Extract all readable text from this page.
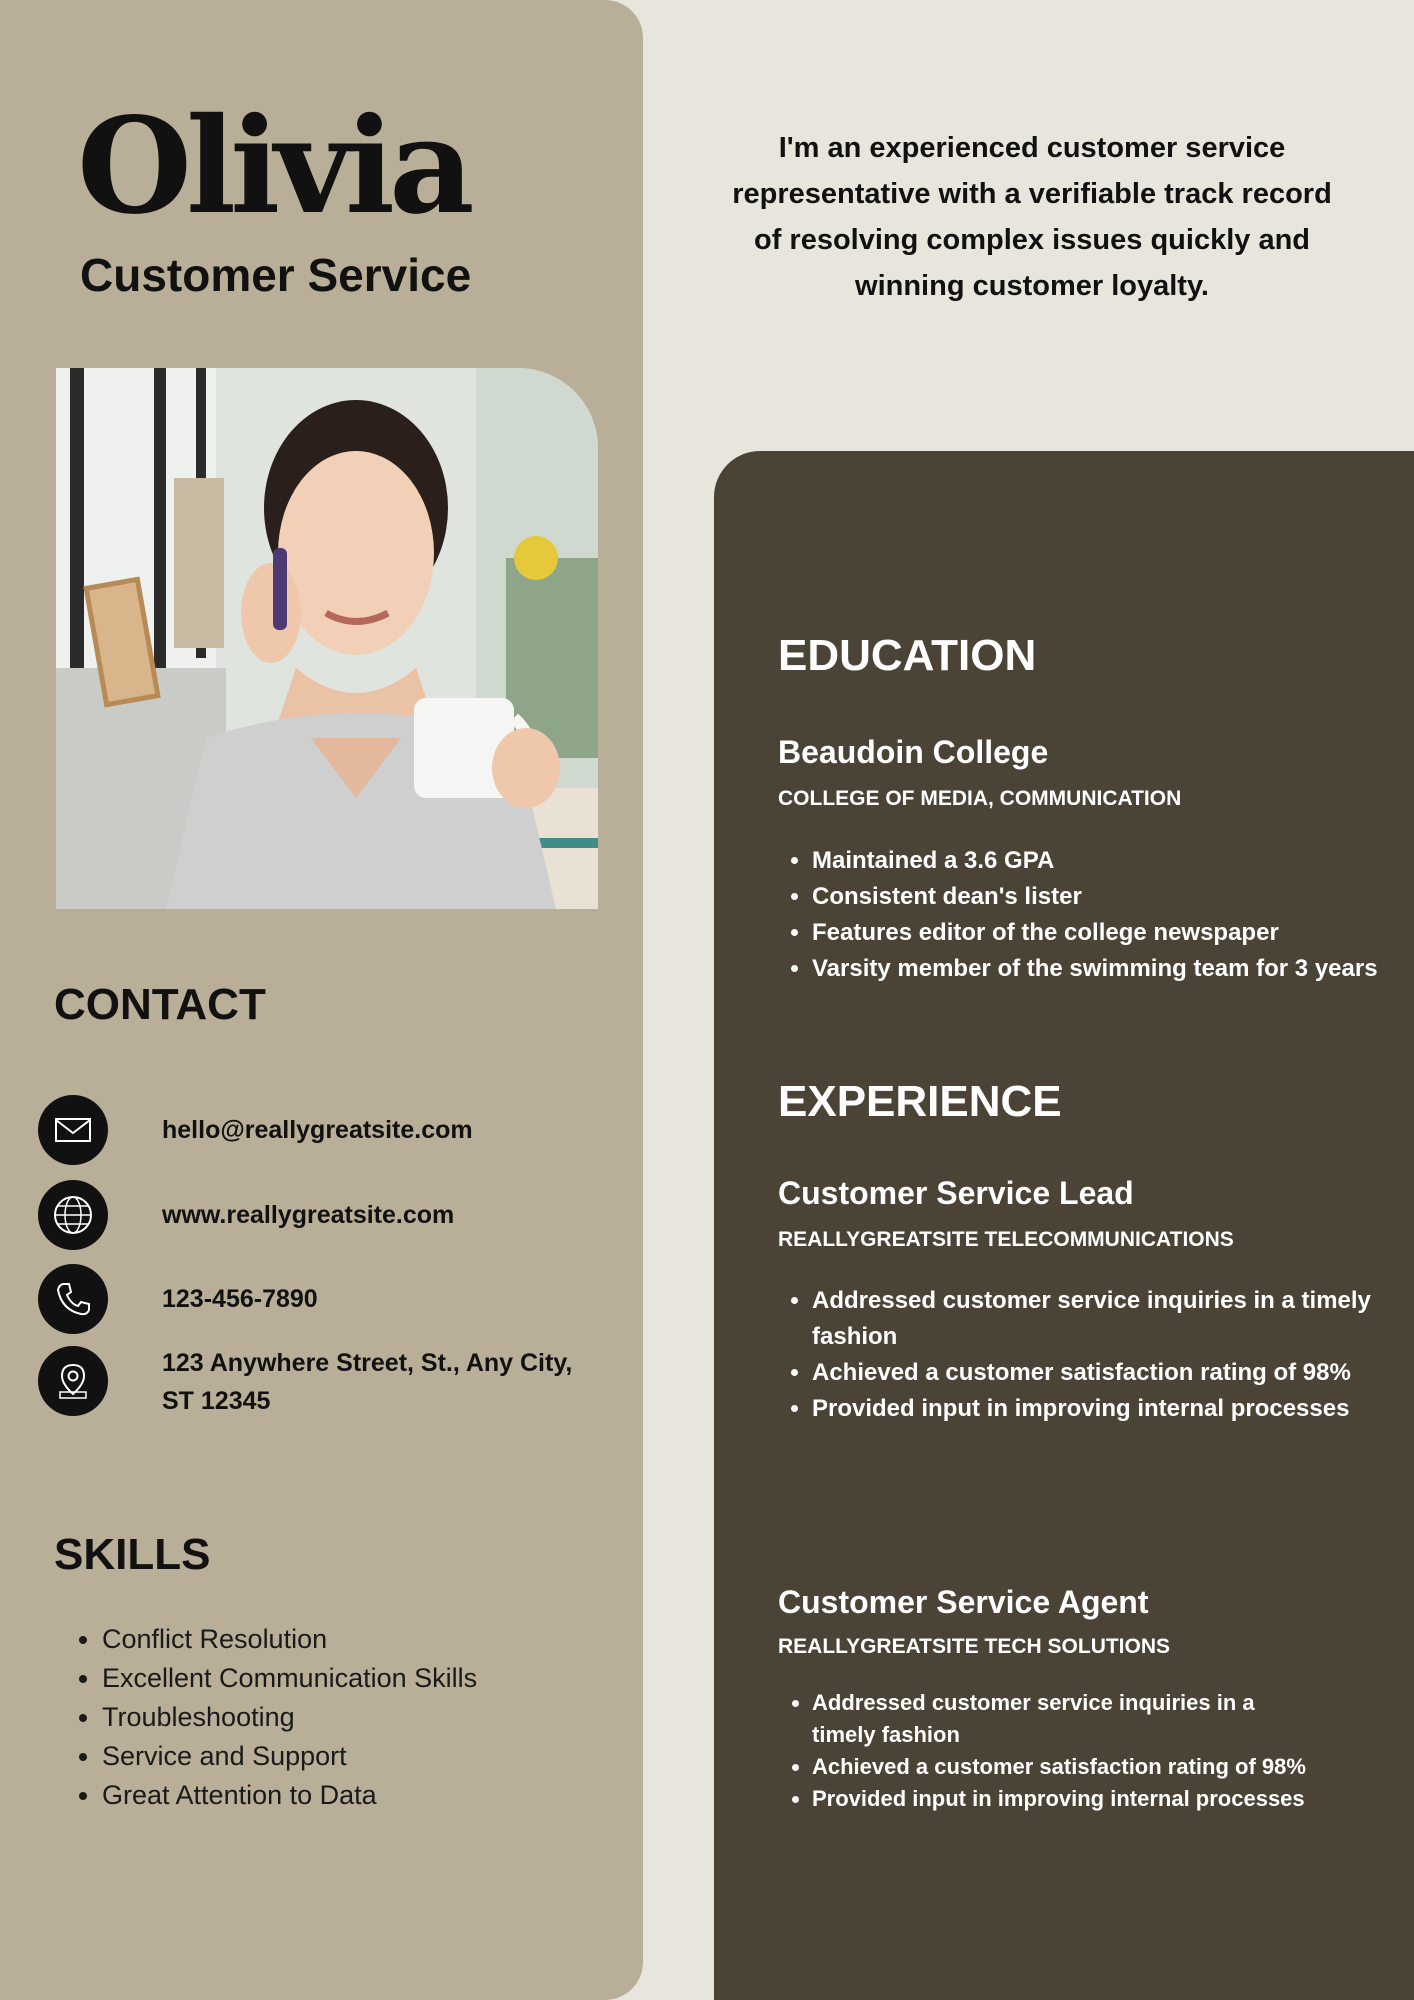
Olivia
Customer Service
CONTACT
hello@reallygreatsite.com
www.reallygreatsite.com
123-456-7890
123 Anywhere Street, St., Any City, ST 12345
SKILLS
• Conflict Resolution
• Excellent Communication Skills
• Troubleshooting
• Service and Support
• Great Attention to Data

I'm an experienced customer service representative with a verifiable track record of resolving complex issues quickly and winning customer loyalty.

EDUCATION
Beaudoin College

COLLEGE OF MEDIA, COMMUNICATION

• Maintained a 3.6 GPA
• Consistent dean's lister
• Features editor of the college newspaper
• Varsity member of the swimming team for 3 years
EXPERIENCE
Customer Service Lead

REALLYGREATSITE TELECOMMUNICATIONS

• Addressed customer service inquiries in a timely fashion
• Achieved a customer satisfaction rating of 98%
• Provided input in improving internal processes
Customer Service Agent

REALLYGREATSITE TECH SOLUTIONS

• Addressed customer service inquiries in a timely fashion
• Achieved a customer satisfaction rating of 98%
• Provided input in improving internal processes
